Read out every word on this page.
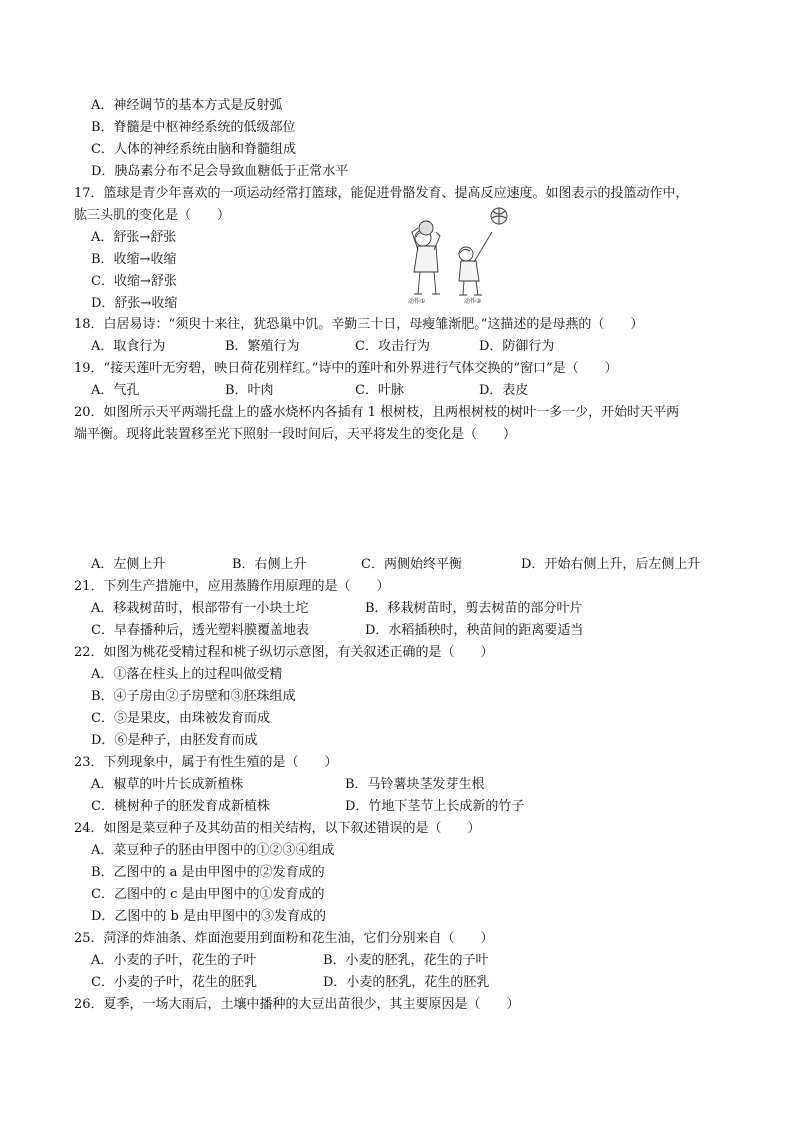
A．神经调节的基本方式是反射弧
B．脊髓是中枢神经系统的低级部位
C．人体的神经系统由脑和脊髓组成
D．胰岛素分布不足会导致血糖低于正常水平
17．篮球是青少年喜欢的一项运动经常打篮球，能促进骨骼发育、提高反应速度。如图表示的投篮动作中，
肱三头肌的变化是（　　）
A．舒张→舒张
B．收缩→收缩
C．收缩→舒张
D．舒张→收缩	动作①	动作②
18．白居易诗：“须臾十来往，犹恐巢中饥。辛勤三十日，母瘦雏渐肥。”这描述的是母燕的（　　）
A．取食行为	B．繁殖行为	C．攻击行为	D．防御行为
19．“接天莲叶无穷碧，映日荷花别样红。”诗中的莲叶和外界进行气体交换的“窗口”是（　　）
A．气孔	B．叶肉	C．叶脉	D．表皮
20．如图所示天平两端托盘上的盛水烧杯内各插有 1 根树枝，且两根树枝的树叶一多一少，开始时天平两
端平衡。现将此装置移至光下照射一段时间后，天平将发生的变化是（　　）
A．左侧上升	B．右侧上升	C．两侧始终平衡	D．开始右侧上升，后左侧上升
21．下列生产措施中，应用蒸腾作用原理的是（　　）
A．移栽树苗时，根部带有一小块土坨	B．移栽树苗时，剪去树苗的部分叶片
C．早春播种后，透光塑料膜覆盖地表	D．水稻插秧时，秧苗间的距离要适当
22．如图为桃花受精过程和桃子纵切示意图，有关叙述正确的是（　　）
A．①落在柱头上的过程叫做受精
B．④子房由②子房壁和③胚珠组成
C．⑤是果皮，由珠被发育而成
D．⑥是种子，由胚发育而成
23．下列现象中，属于有性生殖的是（　　）
A．椒草的叶片长成新植株	B．马铃薯块茎发芽生根
C．桃树种子的胚发育成新植株	D．竹地下茎节上长成新的竹子
24．如图是菜豆种子及其幼苗的相关结构，以下叙述错误的是（　　）
A．菜豆种子的胚由甲图中的①②③④组成
B．乙图中的 a 是由甲图中的②发育成的
C．乙图中的 c 是由甲图中的①发育成的
D．乙图中的 b 是由甲图中的③发育成的
25．菏泽的炸油条、炸面泡要用到面粉和花生油，它们分别来自（　　）
A．小麦的子叶，花生的子叶	B．小麦的胚乳，花生的子叶
C．小麦的子叶，花生的胚乳	D．小麦的胚乳，花生的胚乳
26．夏季，一场大雨后，土壤中播种的大豆出苗很少，其主要原因是（　　）
